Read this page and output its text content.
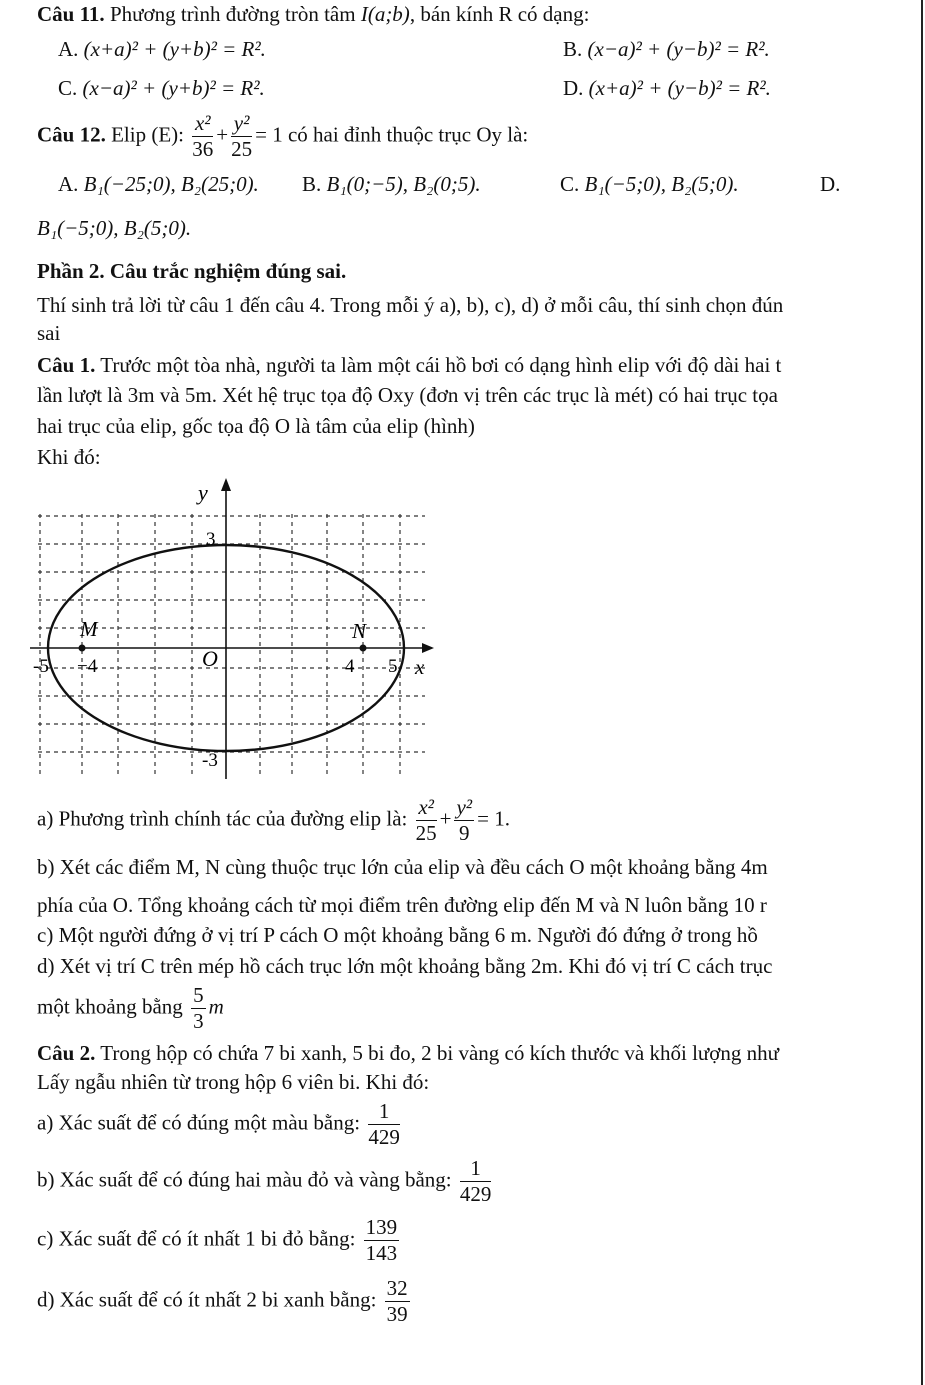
Câu 11. Phương trình đường tròn tâm I(a;b), bán kính R có dạng:
A. (x+a)² + (y+b)² = R².	B. (x−a)² + (y−b)² = R².
C. (x−a)² + (y+b)² = R².	D. (x+a)² + (y−b)² = R².
Câu 12. Elip (E): $\frac{\text{x²}}{36} + \frac{\text{y²}}{25} = 1$ có hai đỉnh thuộc trục Oy là:
A. B₁(−25;0), B₂(25;0). B. B₁(0;−5), B₂(0;5).	C. B₁(−5;0), B₂(5;0).	D.
B₁(−5;0), B₂(5;0).
Phần 2. Câu trắc nghiệm đúng sai.
Thí sinh trả lời từ câu 1 đến câu 4. Trong mỗi ý a), b), c), d) ở mỗi câu, thí sinh chọn đún
sai
Câu 1. Trước một tòa nhà, người ta làm một cái hồ bơi có dạng hình elip với độ dài hai t
lần lượt là 3m và 5m. Xét hệ trục tọa độ Oxy (đơn vị trên các trục là mét) có hai trục tọa
hai trục của elip, gốc tọa độ O là tâm của elip (hình)
Khi đó:
y
x
O
3
-3
−4	4 5
-5
M	N
a) Phương trình chính tác của đường elip là: $\frac{\text{x²}}{25} + \frac{\text{y²}}{9} = 1$.
b) Xét các điểm M, N cùng thuộc trục lớn của elip và đều cách O một khoảng bằng 4m
phía của O. Tổng khoảng cách từ mọi điểm trên đường elip đến M và N luôn bằng 10 r
c) Một người đứng ở vị trí P cách O một khoảng bằng 6 m. Người đó đứng ở trong hồ
d) Xét vị trí C trên mép hồ cách trục lớn một khoảng bằng 2m. Khi đó vị trí C cách trục
một khoảng bằng $\frac{5}{3}$ m
Câu 2. Trong hộp có chứa 7 bi xanh, 5 bi đo, 2 bi vàng có kích thước và khối lượng như
Lấy ngẫu nhiên từ trong hộp 6 viên bi. Khi đó:
a) Xác suất để có đúng một màu bằng: $\frac{1}{429}$
b) Xác suất để có đúng hai màu đỏ và vàng bằng: $\frac{1}{429}$
c) Xác suất để có ít nhất 1 bi đỏ bằng: $\frac{139}{143}$
d) Xác suất để có ít nhất 2 bi xanh bằng: $\frac{32}{39}$
